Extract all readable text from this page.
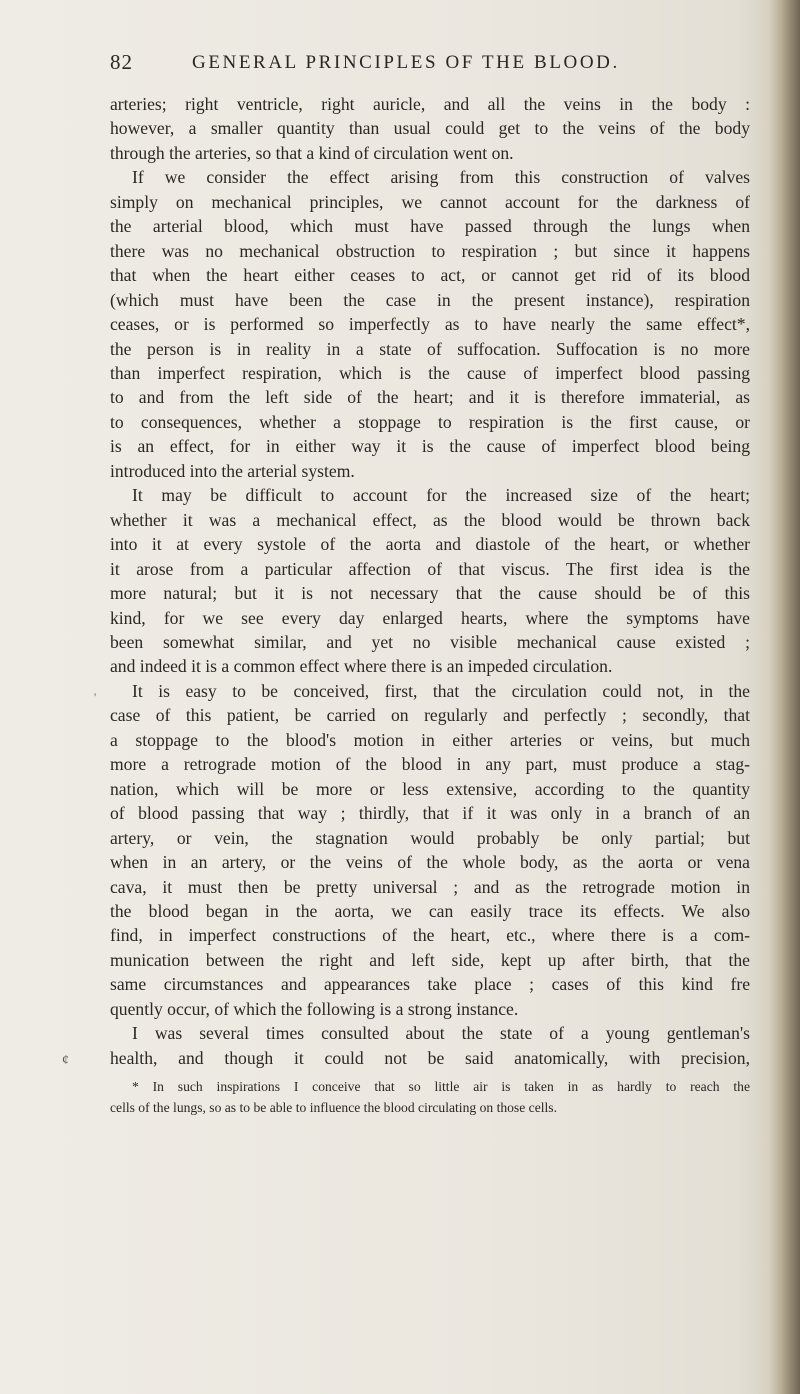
82	GENERAL PRINCIPLES OF THE BLOOD.
'
¢
arteries; right ventricle, right auricle, and all the veins in the body :
however, a smaller quantity than usual could get to the veins of the body
through the arteries, so that a kind of circulation went on.
If we consider the effect arising from this construction of valves
simply on mechanical principles, we cannot account for the darkness of
the arterial blood, which must have passed through the lungs when
there was no mechanical obstruction to respiration ; but since it happens
that when the heart either ceases to act, or cannot get rid of its blood
(which must have been the case in the present instance), respiration
ceases, or is performed so imperfectly as to have nearly the same effect*,
the person is in reality in a state of suffocation. Suffocation is no more
than imperfect respiration, which is the cause of imperfect blood passing
to and from the left side of the heart; and it is therefore immaterial, as
to consequences, whether a stoppage to respiration is the first cause, or
is an effect, for in either way it is the cause of imperfect blood being
introduced into the arterial system.
It may be difficult to account for the increased size of the heart;
whether it was a mechanical effect, as the blood would be thrown back
into it at every systole of the aorta and diastole of the heart, or whether
it arose from a particular affection of that viscus. The first idea is the
more natural; but it is not necessary that the cause should be of this
kind, for we see every day enlarged hearts, where the symptoms have
been somewhat similar, and yet no visible mechanical cause existed ;
and indeed it is a common effect where there is an impeded circulation.
It is easy to be conceived, first, that the circulation could not, in the
case of this patient, be carried on regularly and perfectly ; secondly, that
a stoppage to the blood's motion in either arteries or veins, but much
more a retrograde motion of the blood in any part, must produce a stag-
nation, which will be more or less extensive, according to the quantity
of blood passing that way ; thirdly, that if it was only in a branch of an
artery, or vein, the stagnation would probably be only partial; but
when in an artery, or the veins of the whole body, as the aorta or vena
cava, it must then be pretty universal ; and as the retrograde motion in
the blood began in the aorta, we can easily trace its effects. We also
find, in imperfect constructions of the heart, etc., where there is a com-
munication between the right and left side, kept up after birth, that the
same circumstances and appearances take place ; cases of this kind fre
quently occur, of which the following is a strong instance.
I was several times consulted about the state of a young gentleman's
health, and though it could not be said anatomically, with precision,
* In such inspirations I conceive that so little air is taken in as hardly to reach the
cells of the lungs, so as to be able to influence the blood circulating on those cells.
